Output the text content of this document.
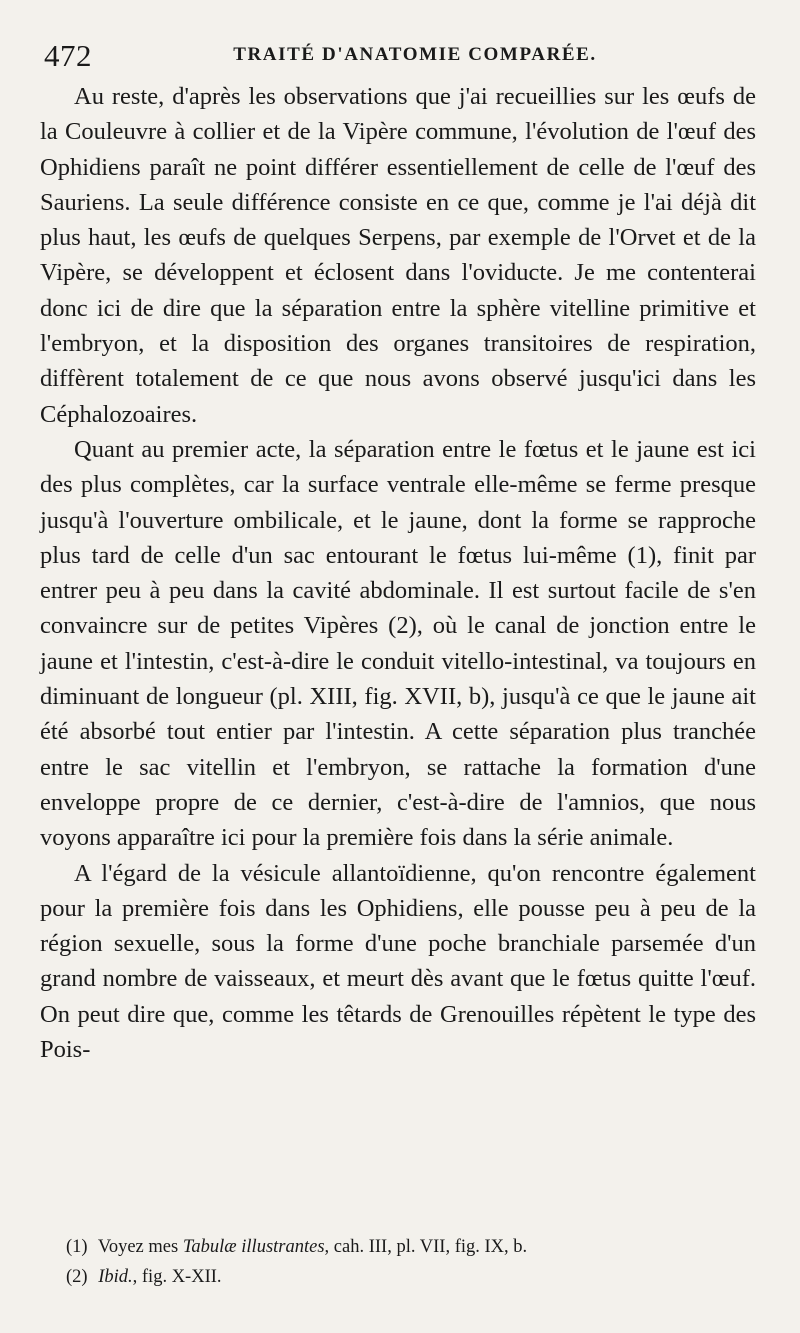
472	TRAITÉ D'ANATOMIE COMPARÉE.

Au reste, d'après les observations que j'ai recueillies sur les œufs de la Couleuvre à collier et de la Vipère commune, l'évolution de l'œuf des Ophidiens paraît ne point différer essentiellement de celle de l'œuf des Sauriens. La seule différence consiste en ce que, comme je l'ai déjà dit plus haut, les œufs de quelques Serpens, par exemple de l'Orvet et de la Vipère, se développent et éclosent dans l'oviducte. Je me contenterai donc ici de dire que la séparation entre la sphère vitelline primitive et l'embryon, et la disposition des organes transitoires de respiration, diffèrent totalement de ce que nous avons observé jusqu'ici dans les Céphalozoaires.

Quant au premier acte, la séparation entre le fœtus et le jaune est ici des plus complètes, car la surface ventrale elle-même se ferme presque jusqu'à l'ouverture ombilicale, et le jaune, dont la forme se rapproche plus tard de celle d'un sac entourant le fœtus lui-même (1), finit par entrer peu à peu dans la cavité abdominale. Il est surtout facile de s'en convaincre sur de petites Vipères (2), où le canal de jonction entre le jaune et l'intestin, c'est-à-dire le conduit vitello-intestinal, va toujours en diminuant de longueur (pl. XIII, fig. XVII, b), jusqu'à ce que le jaune ait été absorbé tout entier par l'intestin. A cette séparation plus tranchée entre le sac vitellin et l'embryon, se rattache la formation d'une enveloppe propre de ce dernier, c'est-à-dire de l'amnios, que nous voyons apparaître ici pour la première fois dans la série animale.

A l'égard de la vésicule allantoïdienne, qu'on rencontre également pour la première fois dans les Ophidiens, elle pousse peu à peu de la région sexuelle, sous la forme d'une poche branchiale parsemée d'un grand nombre de vaisseaux, et meurt dès avant que le fœtus quitte l'œuf. On peut dire que, comme les têtards de Grenouilles répètent le type des Pois-

(1) Voyez mes Tabulæ illustrantes, cah. III, pl. VII, fig. IX, b.

(2) Ibid., fig. X-XII.
